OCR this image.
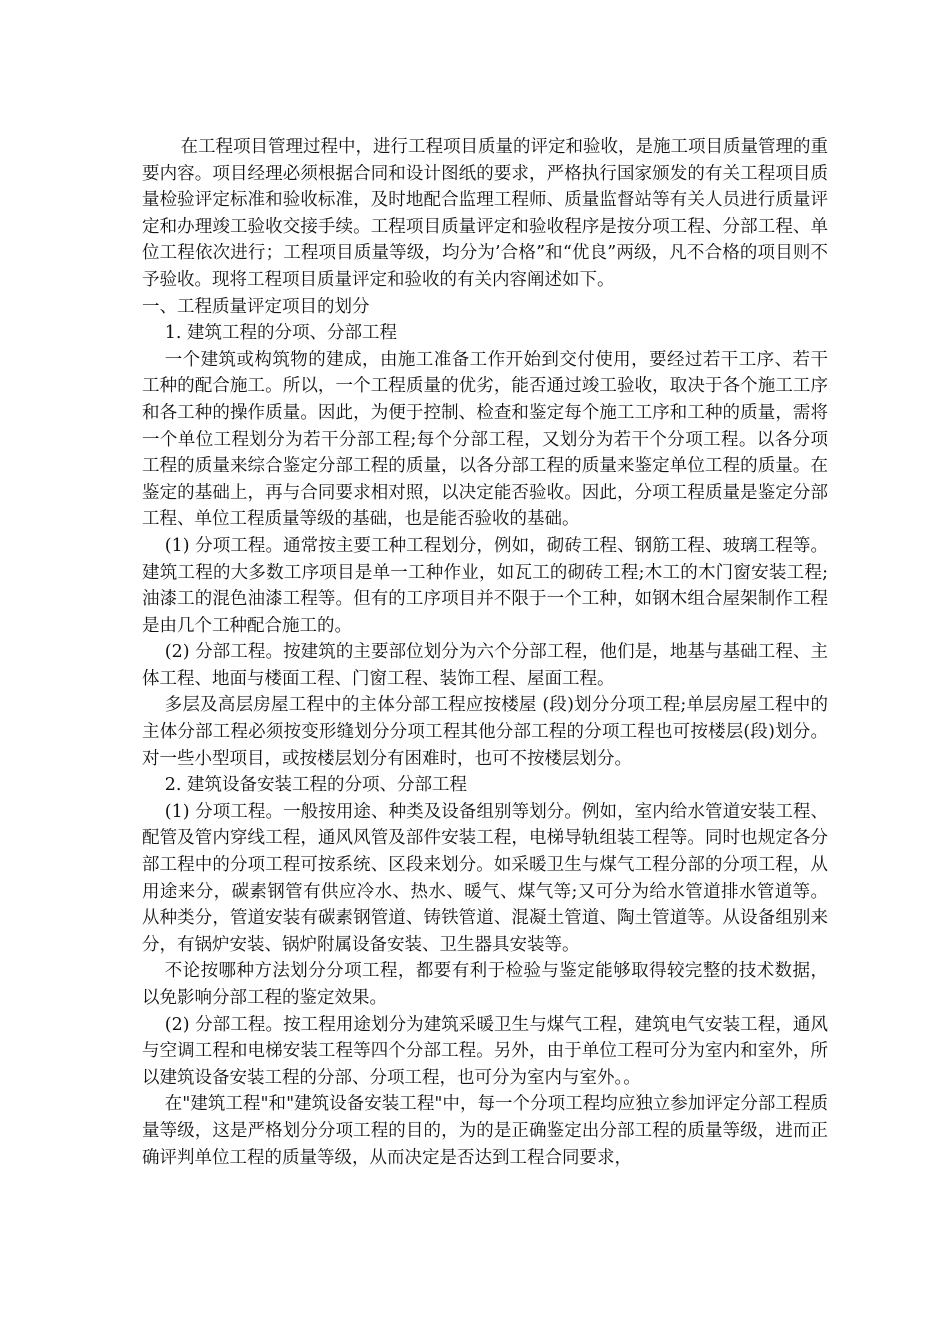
在工程项目管理过程中，进行工程项目质量的评定和验收，是施工项目质量管理的重要内容。项目经理必须根据合同和设计图纸的要求，严格执行国家颁发的有关工程项目质量检验评定标准和验收标准，及时地配合监理工程师、质量监督站等有关人员进行质量评定和办理竣工验收交接手续。工程项目质量评定和验收程序是按分项工程、分部工程、单位工程依次进行；工程项目质量等级，均分为’合格”和“优良”两级，凡不合格的项目则不予验收。现将工程项目质量评定和验收的有关内容阐述如下。

一、工程质量评定项目的划分

1. 建筑工程的分项、分部工程

一个建筑或构筑物的建成，由施工准备工作开始到交付使用，要经过若干工序、若干工种的配合施工。所以，一个工程质量的优劣，能否通过竣工验收，取决于各个施工工序和各工种的操作质量。因此，为便于控制、检查和鉴定每个施工工序和工种的质量，需将一个单位工程划分为若干分部工程;每个分部工程，又划分为若干个分项工程。以各分项工程的质量来综合鉴定分部工程的质量，以各分部工程的质量来鉴定单位工程的质量。在鉴定的基础上，再与合同要求相对照，以决定能否验收。因此，分项工程质量是鉴定分部工程、单位工程质量等级的基础，也是能否验收的基础。

(1) 分项工程。通常按主要工种工程划分，例如，砌砖工程、钢筋工程、玻璃工程等。建筑工程的大多数工序项目是单一工种作业，如瓦工的砌砖工程;木工的木门窗安装工程;油漆工的混色油漆工程等。但有的工序项目并不限于一个工种，如钢木组合屋架制作工程是由几个工种配合施工的。

(2) 分部工程。按建筑的主要部位划分为六个分部工程，他们是，地基与基础工程、主体工程、地面与楼面工程、门窗工程、装饰工程、屋面工程。

多层及高层房屋工程中的主体分部工程应按楼屋 (段)划分分项工程;单层房屋工程中的主体分部工程必须按变形缝划分分项工程其他分部工程的分项工程也可按楼层(段)划分。对一些小型项目，或按楼层划分有困难时，也可不按楼层划分。

2. 建筑设备安装工程的分项、分部工程

(1) 分项工程。一般按用途、种类及设备组别等划分。例如，室内给水管道安装工程、配管及管内穿线工程，通风风管及部件安装工程，电梯导轨组装工程等。同时也规定各分部工程中的分项工程可按系统、区段来划分。如采暖卫生与煤气工程分部的分项工程，从用途来分，碳素钢管有供应冷水、热水、暖气、煤气等;又可分为给水管道排水管道等。从种类分，管道安装有碳素钢管道、铸铁管道、混凝土管道、陶土管道等。从设备组别来分，有锅炉安装、锅炉附属设备安装、卫生器具安装等。

不论按哪种方法划分分项工程，都要有利于检验与鉴定能够取得较完整的技术数据，以免影响分部工程的鉴定效果。

(2) 分部工程。按工程用途划分为建筑采暖卫生与煤气工程，建筑电气安装工程，通风与空调工程和电梯安装工程等四个分部工程。另外，由于单位工程可分为室内和室外，所以建筑设备安装工程的分部、分项工程，也可分为室内与室外。。

在"建筑工程"和"建筑设备安装工程"中，每一个分项工程均应独立参加评定分部工程质量等级，这是严格划分分项工程的目的，为的是正确鉴定出分部工程的质量等级，进而正确评判单位工程的质量等级，从而决定是否达到工程合同要求，
